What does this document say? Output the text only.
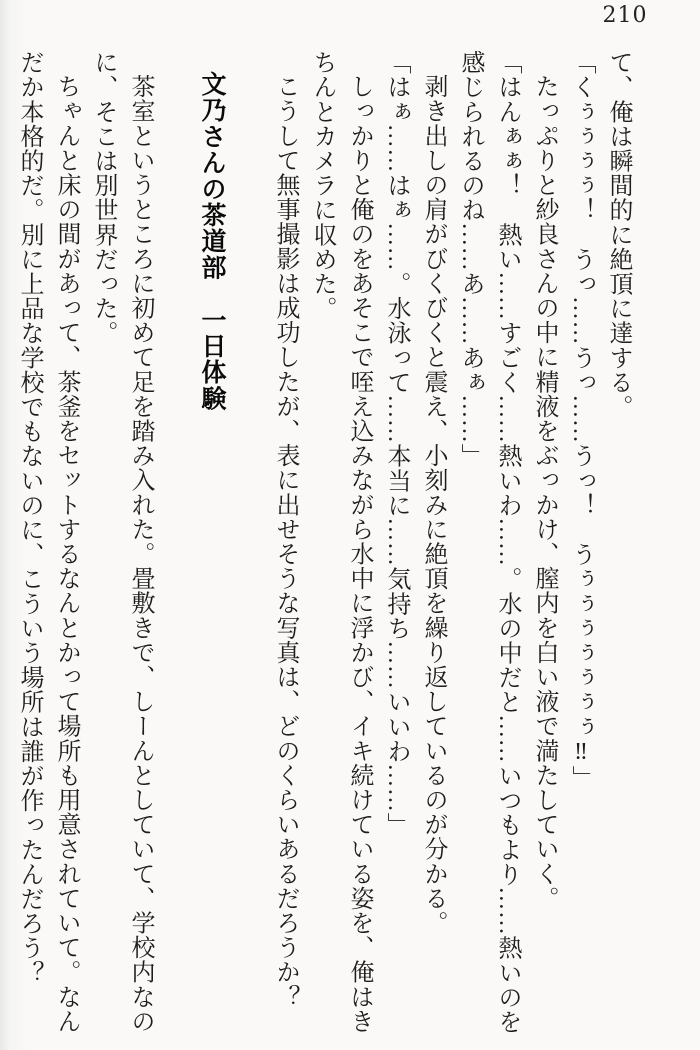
210
て、俺は瞬間的に絶頂に達する。
「くぅぅぅぅ！　うっ……うっ……うっ！　うぅぅぅぅぅぅぅ‼」
たっぷりと紗良さんの中に精液をぶっかけ、膣内を白い液で満たしていく。
「はんぁぁ！　熱い……すごく……熱いわ……。水の中だと……いつもより……熱いのを
感じられるのね……あ……あぁ……」
剥き出しの肩がびくびくと震え、小刻みに絶頂を繰り返しているのが分かる。
「はぁ……はぁ……。水泳って……本当に……気持ち……いいわ……」
しっかりと俺のをあそこで咥え込みながら水中に浮かび、イキ続けている姿を、俺はき
ちんとカメラに収めた。
こうして無事撮影は成功したが、表に出せそうな写真は、どのくらいあるだろうか？
文乃さんの茶道部　一日体験
茶室というところに初めて足を踏み入れた。畳敷きで、しーんとしていて、学校内なの
に、そこは別世界だった。
ちゃんと床の間があって、茶釜をセットするなんとかって場所も用意されていて。なん
だか本格的だ。別に上品な学校でもないのに、こういう場所は誰が作ったんだろう？
